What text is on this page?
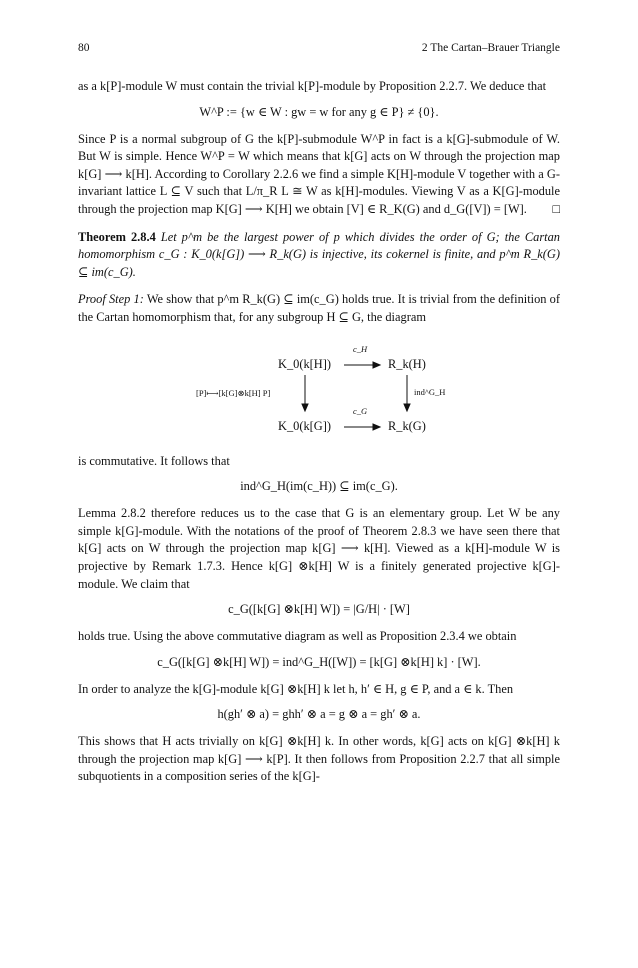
80	2 The Cartan–Brauer Triangle

as a k[P]-module W must contain the trivial k[P]-module by Proposition 2.2.7. We deduce that

W^P := {w ∈ W : gw = w for any g ∈ P} ≠ {0}.

Since P is a normal subgroup of G the k[P]-submodule W^P in fact is a k[G]-submodule of W. But W is simple. Hence W^P = W which means that k[G] acts on W through the projection map k[G] ⟶ k[H]. According to Corollary 2.2.6 we find a simple K[H]-module V together with a G-invariant lattice L ⊆ V such that L/π_R L ≅ W as k[H]-modules. Viewing V as a K[G]-module through the projection map K[G] ⟶ K[H] we obtain [V] ∈ R_K(G) and d_G([V]) = [W]. □

Theorem 2.8.4 Let p^m be the largest power of p which divides the order of G; the Cartan homomorphism c_G : K_0(k[G]) ⟶ R_k(G) is injective, its cokernel is finite, and p^m R_k(G) ⊆ im(c_G).

Proof Step 1: We show that p^m R_k(G) ⊆ im(c_G) holds true. It is trivial from the definition of the Cartan homomorphism that, for any subgroup H ⊆ G, the diagram

K_0(k[H])	R_k(H)
K_0(k[G])	R_k(G)
c_H
c_G
[P]⟼[k[G]⊗k[H] P]	ind^G_H

is commutative. It follows that

ind^G_H(im(c_H)) ⊆ im(c_G).

Lemma 2.8.2 therefore reduces us to the case that G is an elementary group. Let W be any simple k[G]-module. With the notations of the proof of Theorem 2.8.3 we have seen there that k[G] acts on W through the projection map k[G] ⟶ k[H]. Viewed as a k[H]-module W is projective by Remark 1.7.3. Hence k[G] ⊗k[H] W is a finitely generated projective k[G]-module. We claim that

c_G([k[G] ⊗k[H] W]) = |G/H| · [W]

holds true. Using the above commutative diagram as well as Proposition 2.3.4 we obtain

c_G([k[G] ⊗k[H] W]) = ind^G_H([W]) = [k[G] ⊗k[H] k] · [W].

In order to analyze the k[G]-module k[G] ⊗k[H] k let h, h′ ∈ H, g ∈ P, and a ∈ k. Then

h(gh′ ⊗ a) = ghh′ ⊗ a = g ⊗ a = gh′ ⊗ a.

This shows that H acts trivially on k[G] ⊗k[H] k. In other words, k[G] acts on k[G] ⊗k[H] k through the projection map k[G] ⟶ k[P]. It then follows from Proposition 2.2.7 that all simple subquotients in a composition series of the k[G]-
